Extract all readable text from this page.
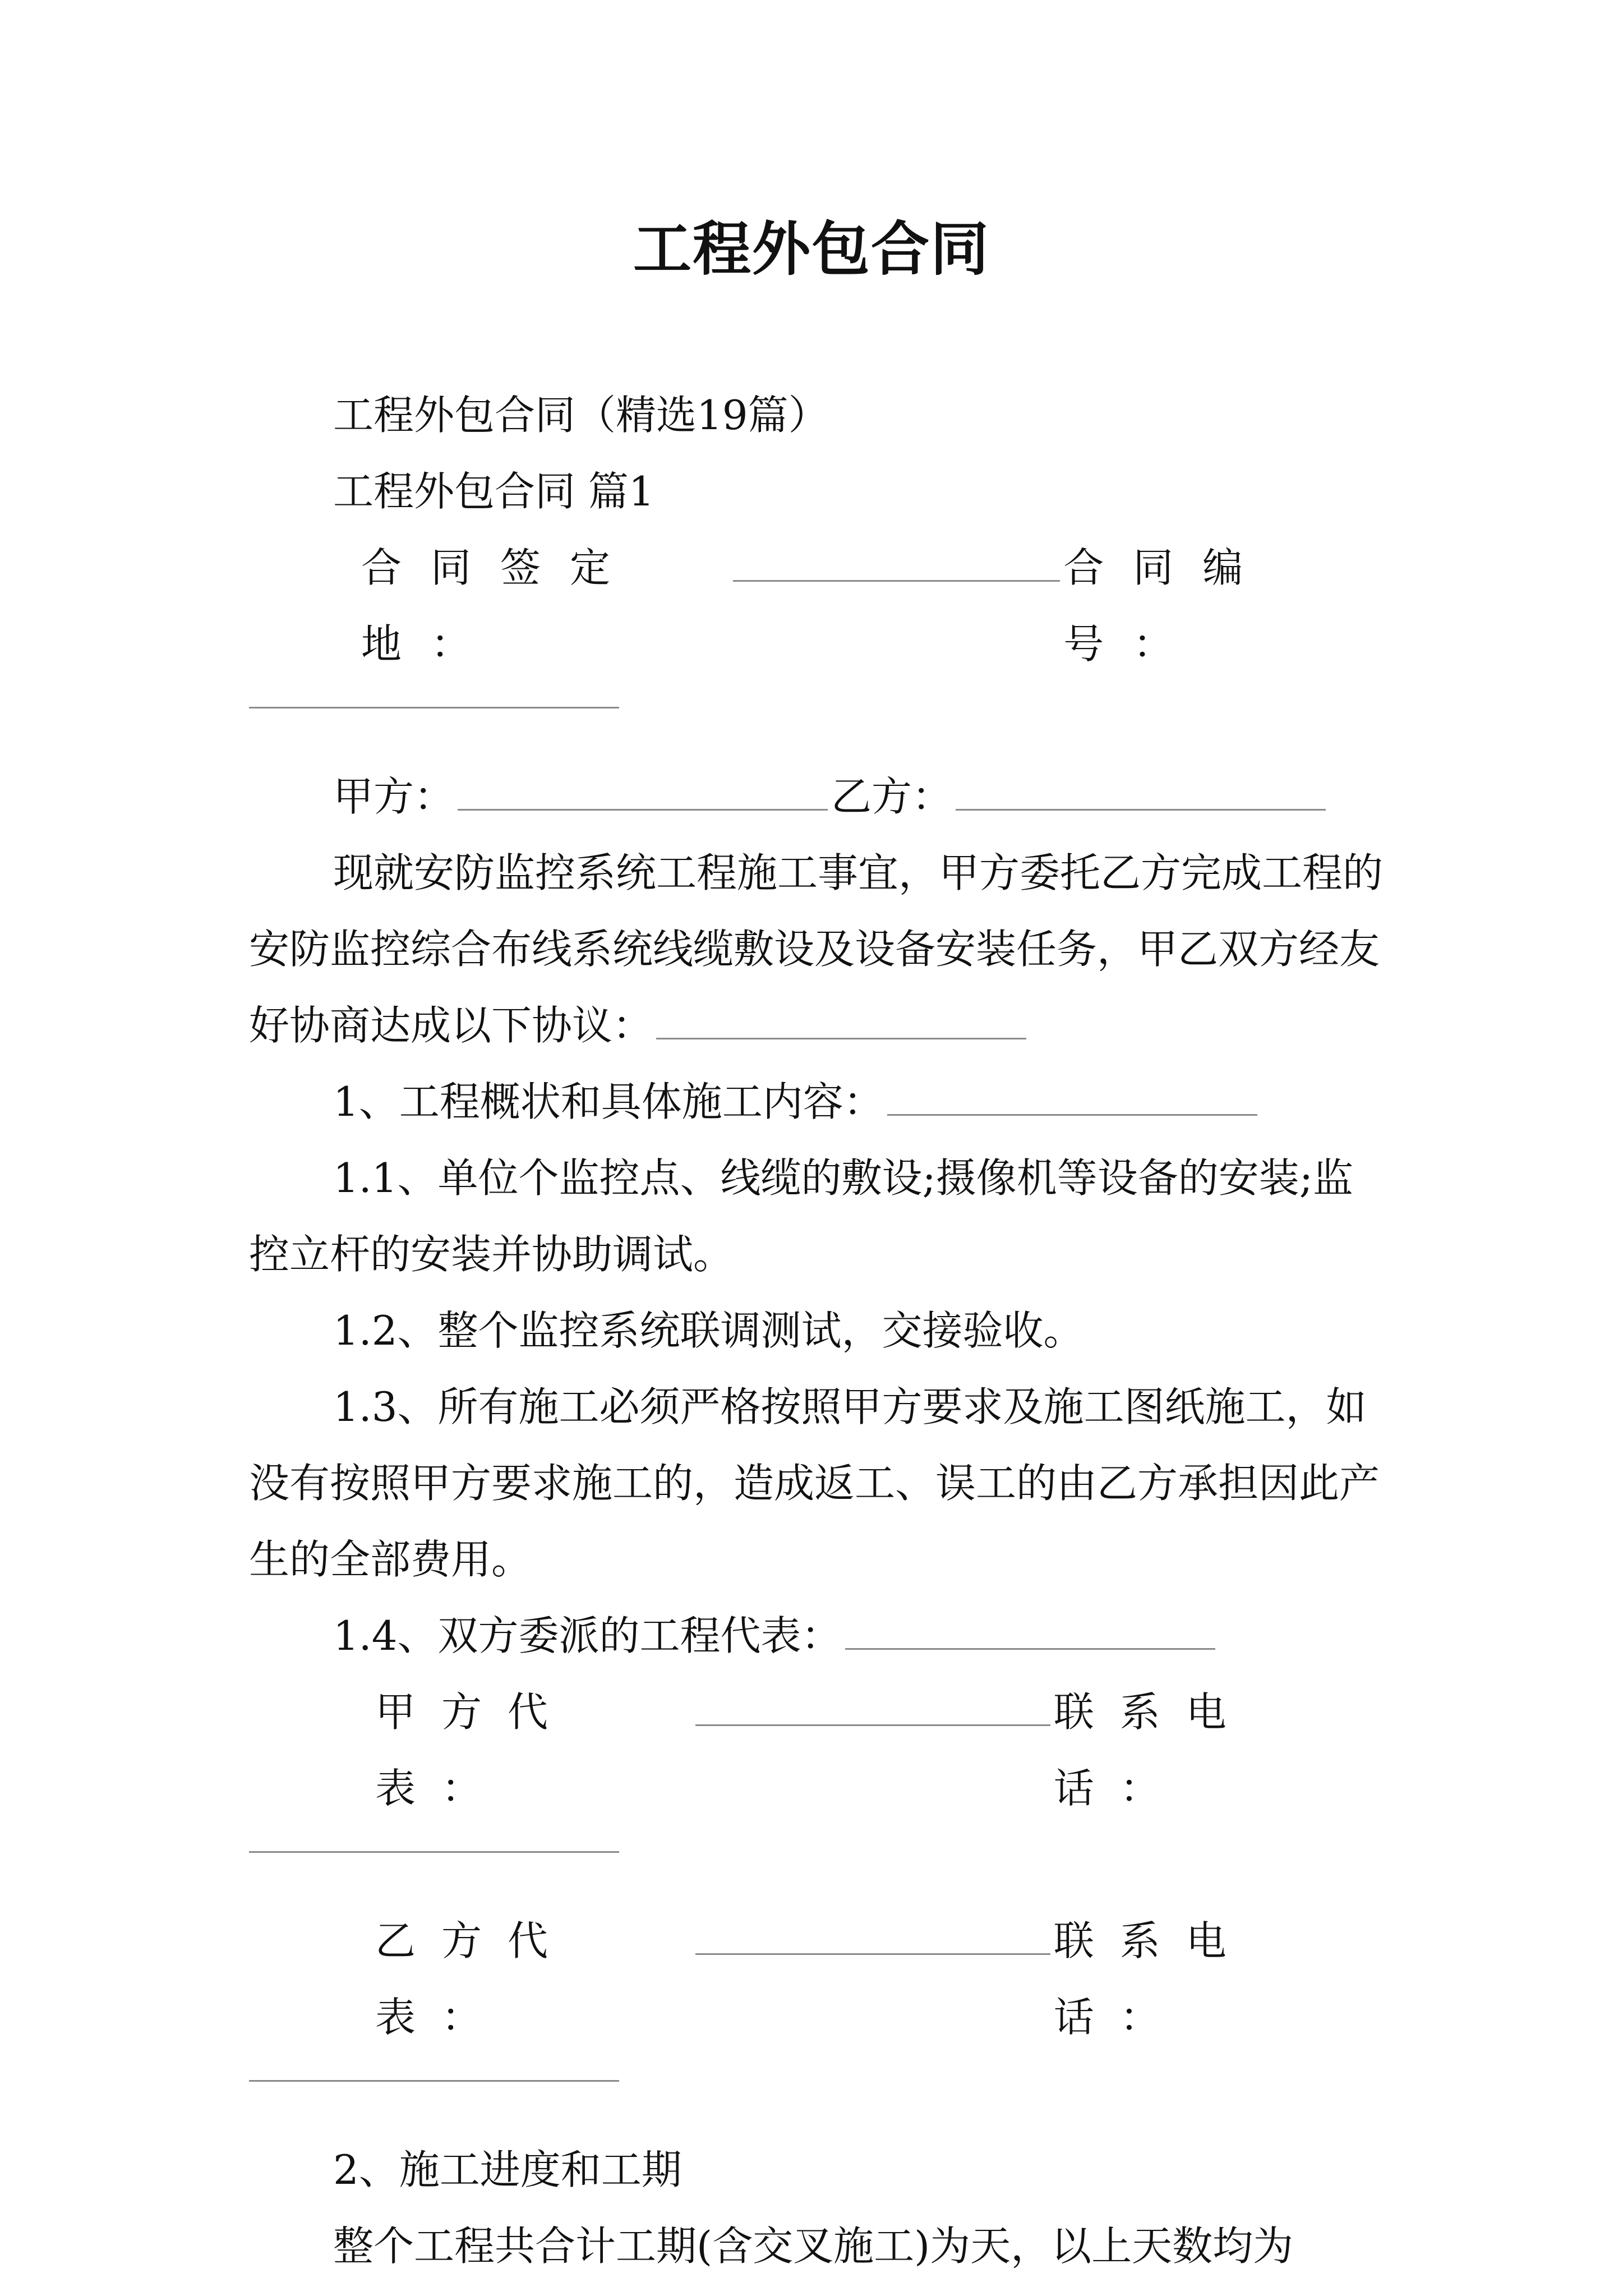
工程外包合同

工程外包合同（精选19篇）

工程外包合同 篇1

合同签定地：
合同编号：

甲方：	乙方：

现就安防监控系统工程施工事宜，甲方委托乙方完成工程的安防监控综合布线系统线缆敷设及设备安装任务，甲乙双方经友好协商达成以下协议：

1、工程概状和具体施工内容：

1.1、单位个监控点、线缆的敷设;摄像机等设备的安装;监控立杆的安装并协助调试。

1.2、整个监控系统联调测试，交接验收。

1.3、所有施工必须严格按照甲方要求及施工图纸施工，如没有按照甲方要求施工的，造成返工、误工的由乙方承担因此产生的全部费用。

1.4、双方委派的工程代表：

甲方代表：
联系电话：
乙方代表：
联系电话：

2、施工进度和工期

整个工程共合计工期(含交叉施工)为天，以上天数均为
